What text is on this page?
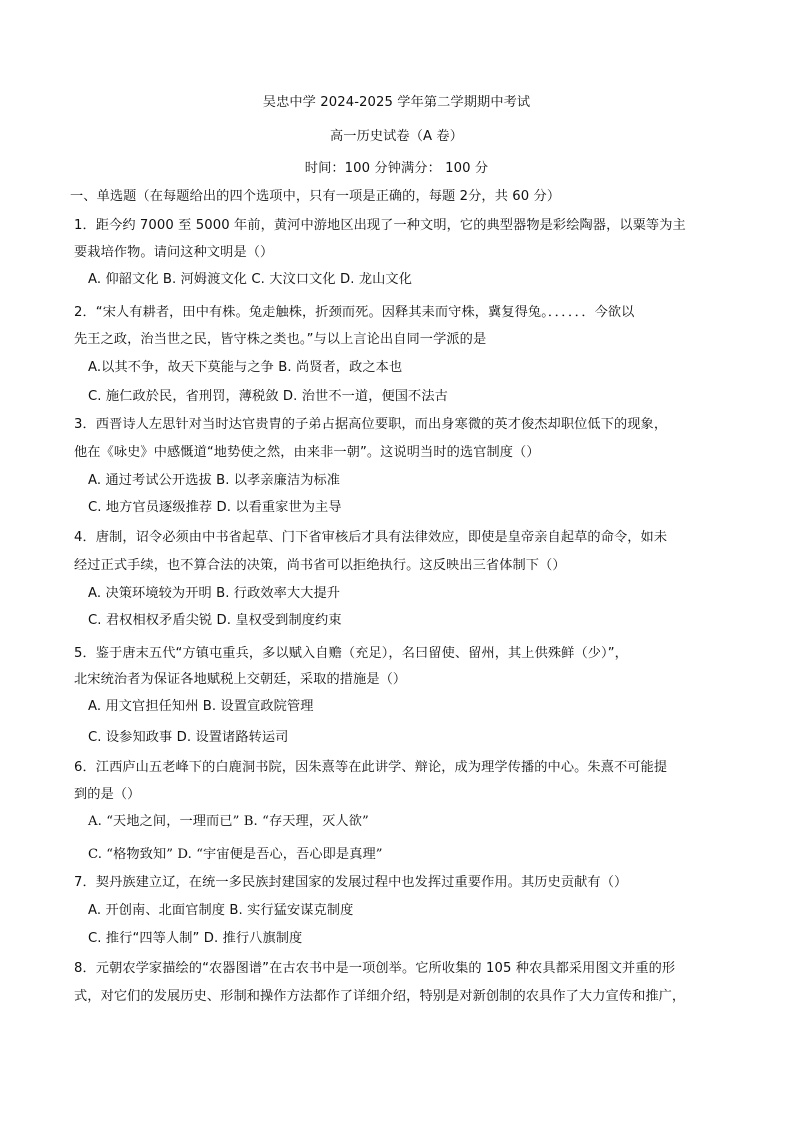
吴忠中学 2024-2025 学年第二学期期中考试
高一历史试卷（A 卷）
时间：100 分钟满分： 100 分
一、单选题（在每题给出的四个选项中，只有一项是正确的，每题 2分，共 60 分）
1．距今约 7000 至 5000 年前，黄河中游地区出现了一种文明，它的典型器物是彩绘陶器，以粟等为主
要栽培作物。请问这种文明是（）
A. 仰韶文化 B. 河姆渡文化 C. 大汶口文化 D. 龙山文化
2．“宋人有耕者，田中有株。兔走触株，折颈而死。因释其耒而守株，冀复得兔。．．．．．．今欲以
先王之政，治当世之民，皆守株之类也。”与以上言论出自同一学派的是
A.以其不争，故天下莫能与之争 B. 尚贤者，政之本也
C. 施仁政於民，省刑罚，薄税敛 D. 治世不一道，便国不法古
3．西晋诗人左思针对当时达官贵胄的子弟占据高位要职，而出身寒微的英才俊杰却职位低下的现象，
他在《咏史》中感慨道“地势使之然，由来非一朝”。这说明当时的选官制度（）
A. 通过考试公开选拔 B. 以孝亲廉洁为标准
C. 地方官员逐级推荐 D. 以看重家世为主导
4．唐制，诏令必须由中书省起草、门下省审核后才具有法律效应，即使是皇帝亲自起草的命令，如未
经过正式手续，也不算合法的决策，尚书省可以拒绝执行。这反映出三省体制下（）
A. 决策环境较为开明 B. 行政效率大大提升
C. 君权相权矛盾尖锐 D. 皇权受到制度约束
5．鉴于唐末五代“方镇屯重兵，多以赋入自赡（充足），名曰留使、留州，其上供殊鲜（少）”，
北宋统治者为保证各地赋税上交朝廷，采取的措施是（）
A. 用文官担任知州 B. 设置宣政院管理
C. 设参知政事 D. 设置诸路转运司
6．江西庐山五老峰下的白鹿洞书院，因朱熹等在此讲学、辩论，成为理学传播的中心。朱熹不可能提
到的是（）
A. “天地之间，一理而已” B. “存天理，灭人欲”
C. “格物致知” D. “宇宙便是吾心，吾心即是真理”
7．契丹族建立辽，在统一多民族封建国家的发展过程中也发挥过重要作用。其历史贡献有（）
A. 开创南、北面官制度 B. 实行猛安谋克制度
C. 推行“四等人制” D. 推行八旗制度
8．元朝农学家描绘的“农器图谱”在古农书中是一项创举。它所收集的 105 种农具都采用图文并重的形
式，对它们的发展历史、形制和操作方法都作了详细介绍，特别是对新创制的农具作了大力宣传和推广，
